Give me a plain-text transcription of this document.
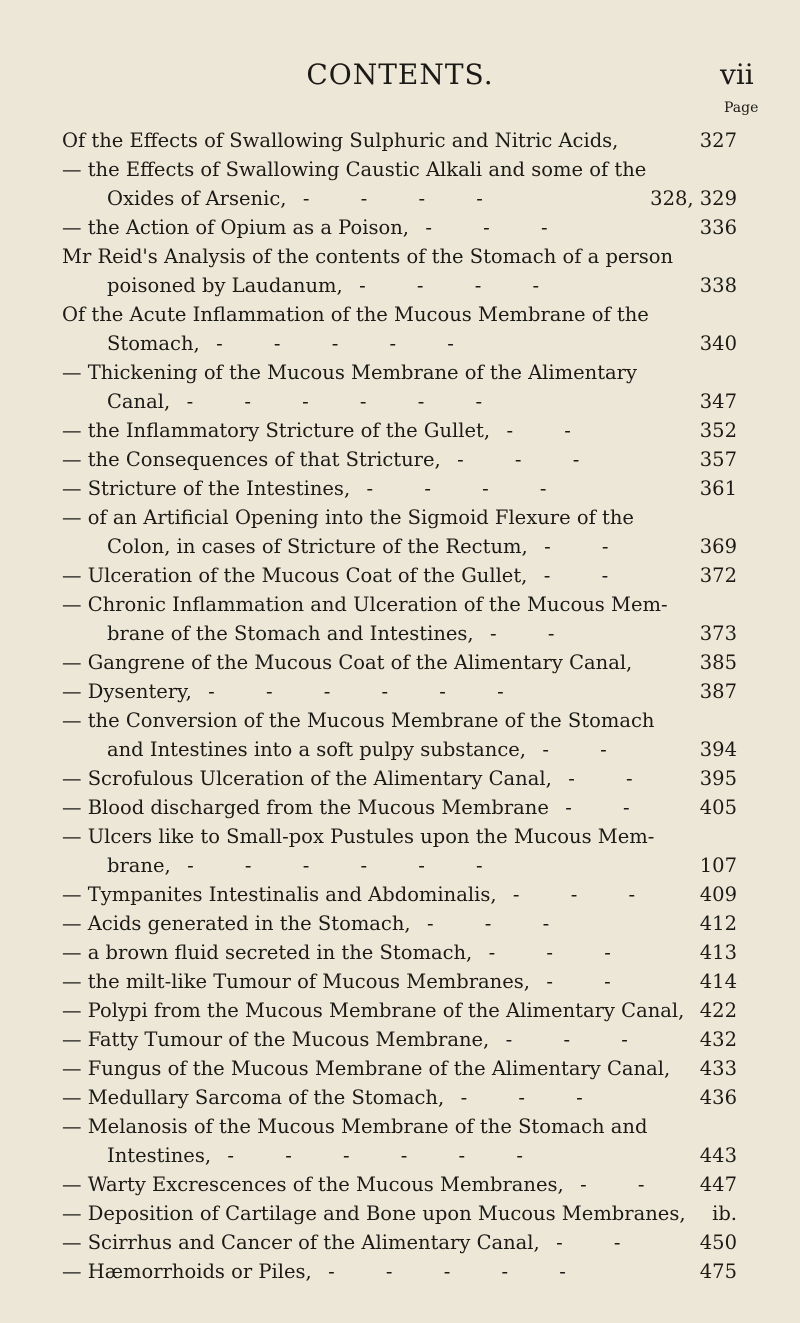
CONTENTS.	vii
Page
Of the Effects of Swallowing Sulphuric and Nitric Acids,	327
— the Effects of Swallowing Caustic Alkali and some of the
Oxides of Arsenic,  -      -      -      -	328, 329
— the Action of Opium as a Poison,  -      -      -	336
Mr Reid's Analysis of the contents of the Stomach of a person
poisoned by Laudanum,  -      -      -      -	338
Of the Acute Inflammation of the Mucous Membrane of the
Stomach,  -      -      -      -      -	340
— Thickening of the Mucous Membrane of the Alimentary
Canal,  -      -      -      -      -      -	347
— the Inflammatory Stricture of the Gullet,  -      -	352
— the Consequences of that Stricture,  -      -      -	357
— Stricture of the Intestines,  -      -      -      -	361
— of an Artificial Opening into the Sigmoid Flexure of the
Colon, in cases of Stricture of the Rectum,  -      -	369
— Ulceration of the Mucous Coat of the Gullet,  -      -	372
— Chronic Inflammation and Ulceration of the Mucous Mem-
brane of the Stomach and Intestines,  -      -	373
— Gangrene of the Mucous Coat of the Alimentary Canal,	385
— Dysentery,  -      -      -      -      -      -	387
— the Conversion of the Mucous Membrane of the Stomach
and Intestines into a soft pulpy substance,  -      -	394
— Scrofulous Ulceration of the Alimentary Canal,  -      -	395
— Blood discharged from the Mucous Membrane  -      -	405
— Ulcers like to Small-pox Pustules upon the Mucous Mem-
brane,  -      -      -      -      -      -	107
— Tympanites Intestinalis and Abdominalis,  -      -      -	409
— Acids generated in the Stomach,  -      -      -	412
— a brown fluid secreted in the Stomach,  -      -      -	413
— the milt-like Tumour of Mucous Membranes,  -      -	414
— Polypi from the Mucous Membrane of the Alimentary Canal, 422
— Fatty Tumour of the Mucous Membrane,  -      -      -	432
— Fungus of the Mucous Membrane of the Alimentary Canal, 433
— Medullary Sarcoma of the Stomach,  -      -      -	436
— Melanosis of the Mucous Membrane of the Stomach and
Intestines,  -      -      -      -      -      -	443
— Warty Excrescences of the Mucous Membranes,  -      -	447
— Deposition of Cartilage and Bone upon Mucous Membranes, ib.
— Scirrhus and Cancer of the Alimentary Canal,  -      -	450
— Hæmorrhoids or Piles,  -      -      -      -      -	475
